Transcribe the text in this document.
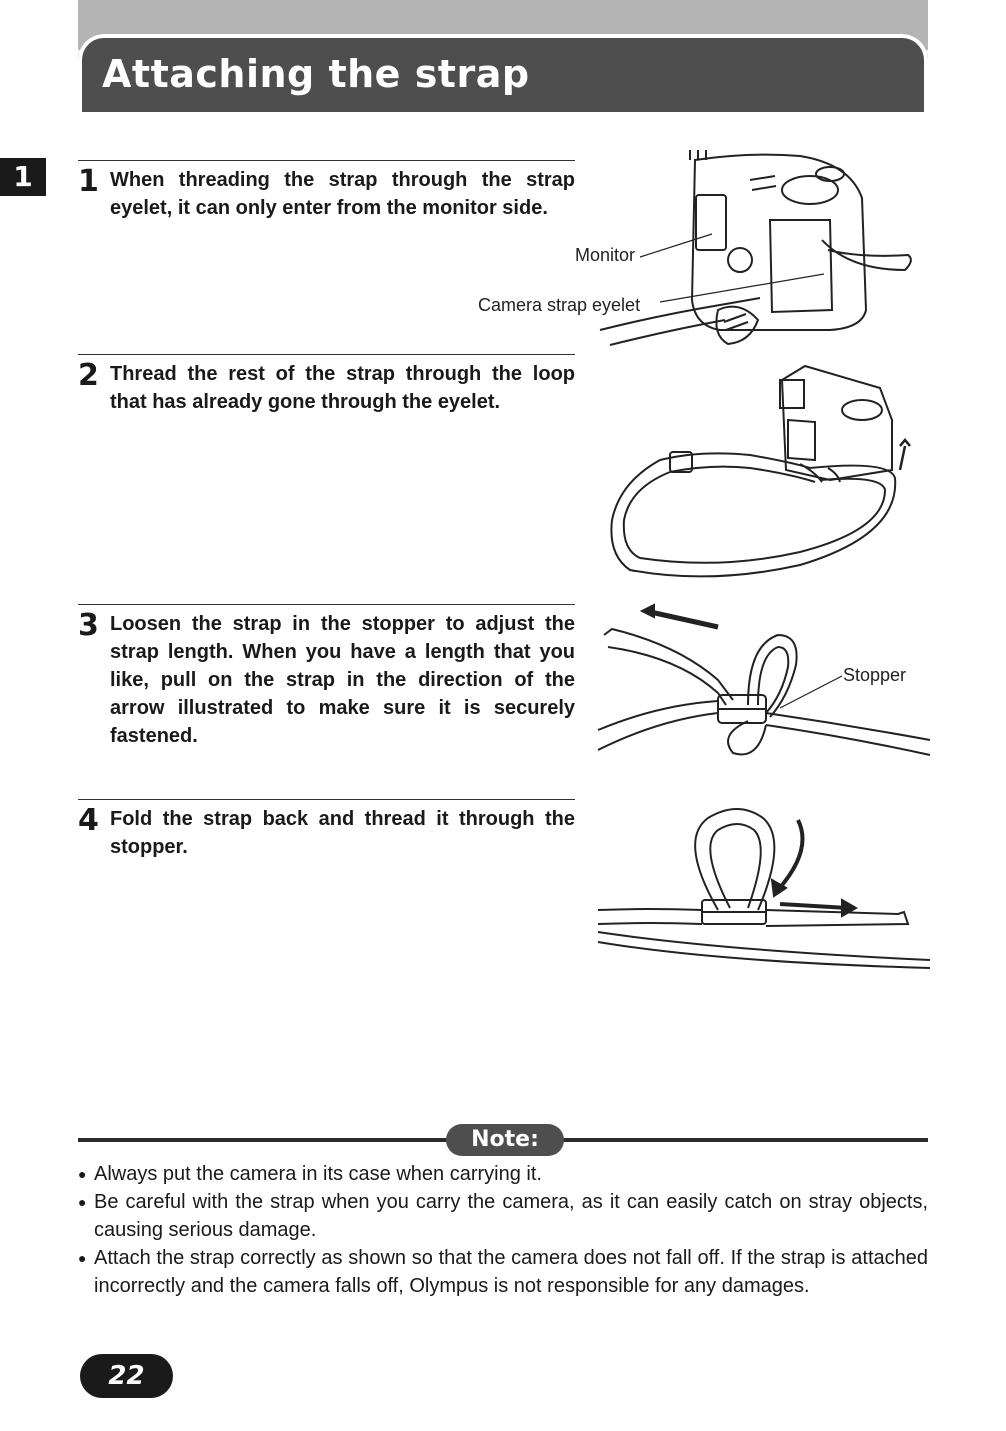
Attaching the strap
1	1 When threading the strap through the strap eyelet, it can only enter from the monitor side.

Monitor
Camera strap eyelet
2 Thread the rest of the strap through the loop that has already gone through the eyelet.

3 Loosen the strap in the stopper to adjust the strap length. When you have a length that you like, pull on the strap in the direction of the arrow illustrated to make sure it is securely fastened.

Stopper
4 Fold the strap back and thread it through the stopper.

Note:
● Always put the camera in its case when carrying it.
● Be careful with the strap when you carry the camera, as it can easily catch on stray objects, causing serious damage.
● Attach the strap correctly as shown so that the camera does not fall off. If the strap is attached incorrectly and the camera falls off, Olympus is not responsible for any damages.
22
